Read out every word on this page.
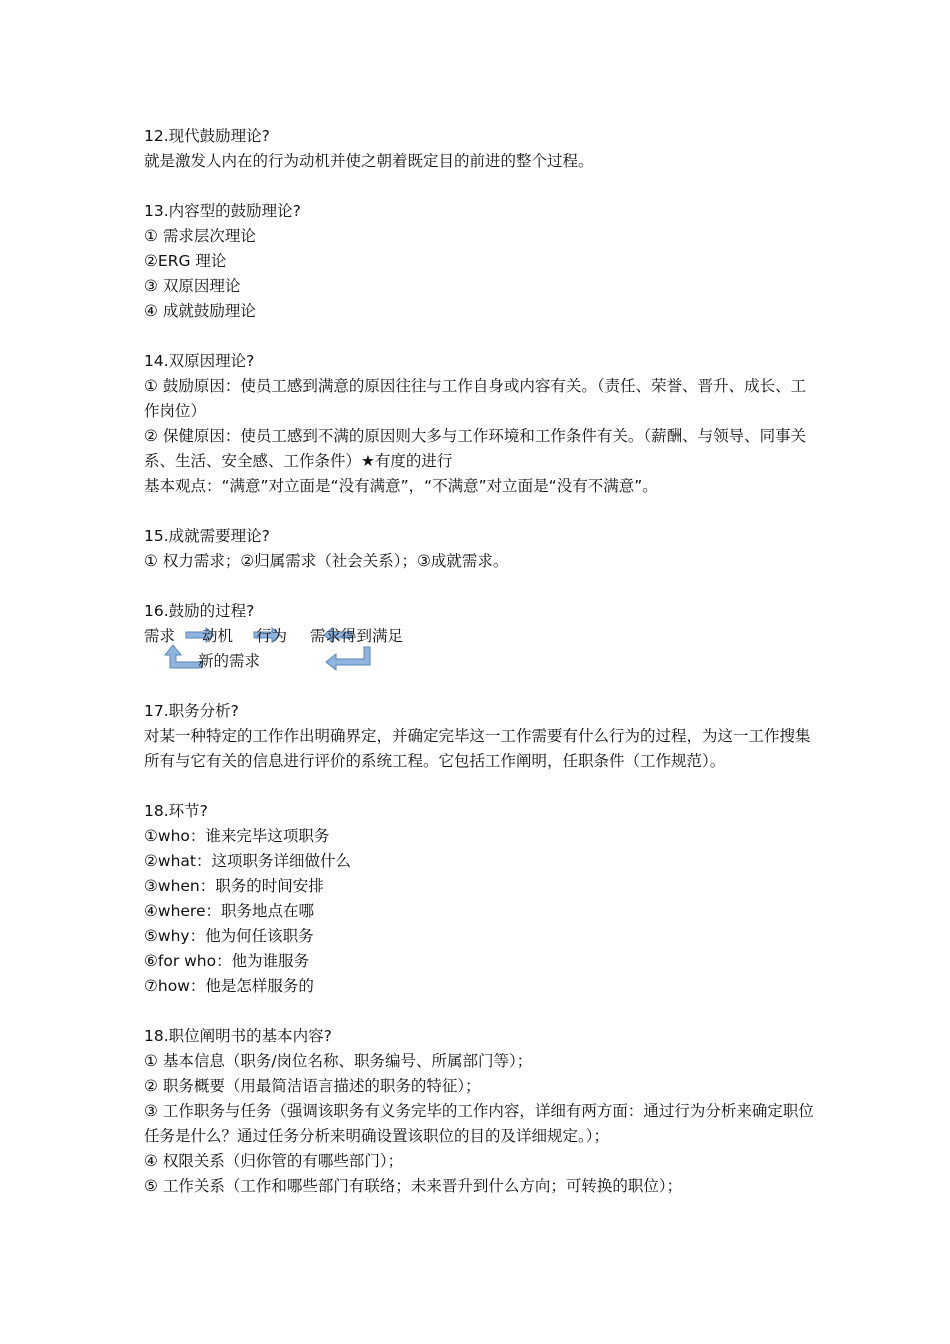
12.现代鼓励理论?
就是激发人内在的行为动机并使之朝着既定目的前进的整个过程。
13.内容型的鼓励理论?
① 需求层次理论
②ERG 理论
③ 双原因理论
④ 成就鼓励理论
14.双原因理论?
① 鼓励原因：使员工感到满意的原因往往与工作自身或内容有关。（责任、荣誉、晋升、成长、工作岗位）
② 保健原因：使员工感到不满的原因则大多与工作环境和工作条件有关。（薪酬、与领导、同事关系、生活、安全感、工作条件）★有度的进行
基本观点：“满意”对立面是“没有满意”，“不满意”对立面是“没有不满意”。
15.成就需要理论?
① 权力需求；②归属需求（社会关系）；③成就需求。
16.鼓励的过程?
需求 动机 行为 需求得到满足
新的需求
17.职务分析?
对某一种特定的工作作出明确界定，并确定完毕这一工作需要有什么行为的过程，为这一工作搜集所有与它有关的信息进行评价的系统工程。它包括工作阐明，任职条件（工作规范）。
18.环节?
①who：谁来完毕这项职务
②what：这项职务详细做什么
③when：职务的时间安排
④where：职务地点在哪
⑤why：他为何任该职务
⑥for who：他为谁服务
⑦how：他是怎样服务的
18.职位阐明书的基本内容?
① 基本信息（职务/岗位名称、职务编号、所属部门等）；
② 职务概要（用最简洁语言描述的职务的特征）；
③ 工作职务与任务（强调该职务有义务完毕的工作内容，详细有两方面：通过行为分析来确定职位任务是什么？通过任务分析来明确设置该职位的目的及详细规定。）；
④ 权限关系（归你管的有哪些部门）；
⑤ 工作关系（工作和哪些部门有联络；未来晋升到什么方向；可转换的职位）；
